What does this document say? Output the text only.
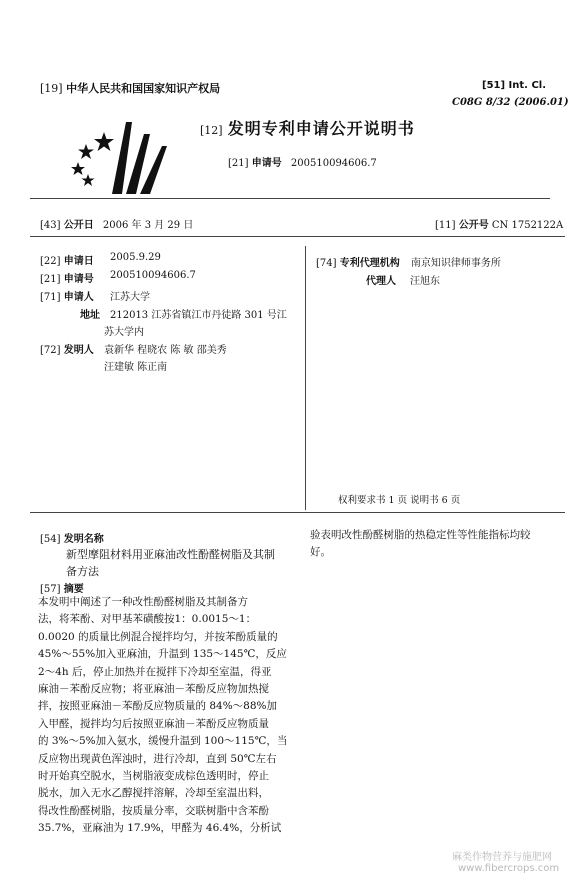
[19] 中华人民共和国国家知识产权局	[51] Int. Cl.
C08G 8/32 (2006.01)
[12] 发明专利申请公开说明书
[21] 申请号 200510094606.7
[43] 公开日 2006 年 3 月 29 日	[11] 公开号 CN 1752122A
[22] 申请日 2005.9.29
[21] 申请号 200510094606.7
[71] 申请人 江苏大学
地址 212013 江苏省镇江市丹徒路 301 号江
苏大学内
[72] 发明人 袁新华 程晓农 陈 敏 邵美秀
汪建敏 陈正南
[74] 专利代理机构 南京知识律师事务所
代理人 汪旭东
权利要求书 1 页 说明书 6 页
[54] 发明名称
新型摩阻材料用亚麻油改性酚醛树脂及其制
备方法
[57] 摘要
本发明中阐述了一种改性酚醛树脂及其制备方
法，将苯酚、对甲基苯磺酸按1：0.0015～1：
0.0020 的质量比例混合搅拌均匀，并按苯酚质量的
45%～55%加入亚麻油，升温到 135～145℃，反应
2～4h 后，停止加热并在搅拌下冷却至室温，得亚
麻油－苯酚反应物；将亚麻油－苯酚反应物加热搅
拌，按照亚麻油－苯酚反应物质量的 84%～88%加
入甲醛，搅拌均匀后按照亚麻油－苯酚反应物质量
的 3%～5%加入氨水，缓慢升温到 100～115℃，当
反应物出现黄色浑浊时，进行冷却，直到 50℃左右
时开始真空脱水，当树脂液变成棕色透明时，停止
脱水，加入无水乙醇搅拌溶解，冷却至室温出料，
得改性酚醛树脂，按质量分率，交联树脂中含苯酚
35.7%，亚麻油为 17.9%，甲醛为 46.4%，分析试
验表明改性酚醛树脂的热稳定性等性能指标均较
好。
麻类作物营养与施肥网
www.fibercrops.com
